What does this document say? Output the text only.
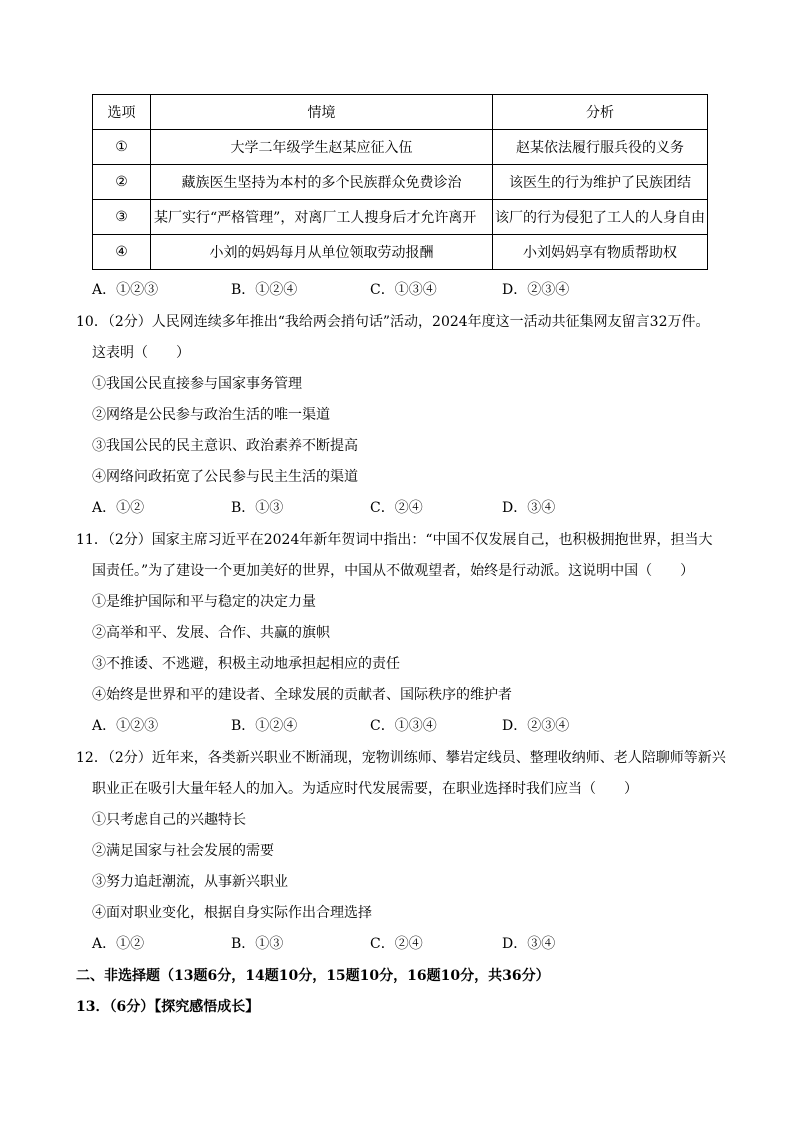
选项	情境	分析
①	大学二年级学生赵某应征入伍	赵某依法履行服兵役的义务
②	藏族医生坚持为本村的多个民族群众免费诊治	该医生的行为维护了民族团结
③	某厂实行“严格管理”，对离厂工人搜身后才允许离开	该厂的行为侵犯了工人的人身自由
④	小刘的妈妈每月从单位领取劳动报酬	小刘妈妈享有物质帮助权
A．①②③	B．①②④	C．①③④	D．②③④
10．（2分）人民网连续多年推出“我给两会捎句话”活动，2024年度这一活动共征集网友留言32万件。
这表明（　　）
①我国公民直接参与国家事务管理
②网络是公民参与政治生活的唯一渠道
③我国公民的民主意识、政治素养不断提高
④网络问政拓宽了公民参与民主生活的渠道
A．①②	B．①③	C．②④	D．③④
11．（2分）国家主席习近平在2024年新年贺词中指出：“中国不仅发展自己，也积极拥抱世界，担当大
国责任。”为了建设一个更加美好的世界，中国从不做观望者，始终是行动派。这说明中国（　　）
①是维护国际和平与稳定的决定力量
②高举和平、发展、合作、共赢的旗帜
③不推诿、不逃避，积极主动地承担起相应的责任
④始终是世界和平的建设者、全球发展的贡献者、国际秩序的维护者
A．①②③	B．①②④	C．①③④	D．②③④
12．（2分）近年来，各类新兴职业不断涌现，宠物训练师、攀岩定线员、整理收纳师、老人陪聊师等新兴
职业正在吸引大量年轻人的加入。为适应时代发展需要，在职业选择时我们应当（　　）
①只考虑自己的兴趣特长
②满足国家与社会发展的需要
③努力追赶潮流，从事新兴职业
④面对职业变化，根据自身实际作出合理选择
A．①②	B．①③	C．②④	D．③④
二、非选择题（13题6分，14题10分，15题10分，16题10分，共36分）
13．（6分）【探究感悟成长】
